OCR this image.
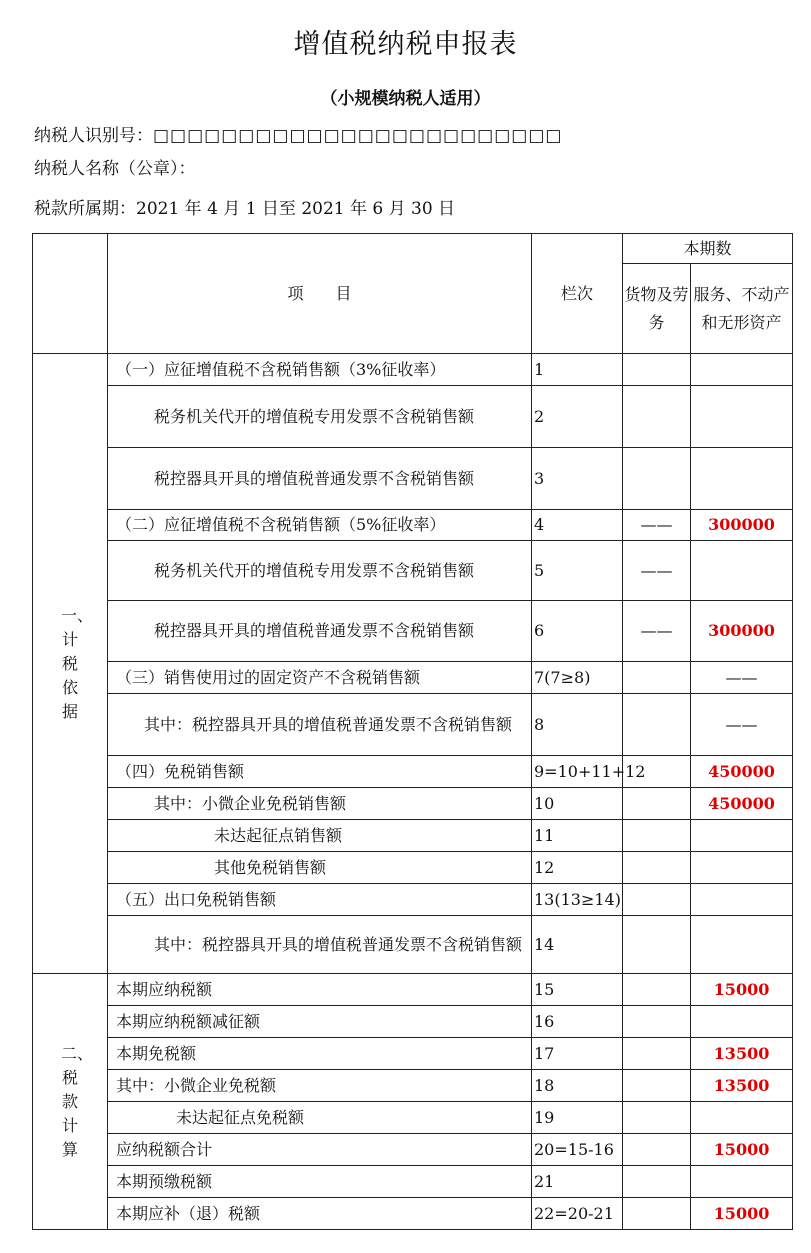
增值税纳税申报表
（小规模纳税人适用）
纳税人识别号：□□□□□□□□□□□□□□□□□□□□□□□□
纳税人名称（公章）：
税款所属期：2021 年 4 月 1 日至 2021 年 6 月 30 日
	项　　目	栏次	本期数	
			货物及劳务	服务、不动产和无形资产
一、计税依据	（一）应征增值税不含税销售额（3%征收率）	1		
	税务机关代开的增值税专用发票不含税销售额	2		
	税控器具开具的增值税普通发票不含税销售额	3		
	（二）应征增值税不含税销售额（5%征收率）	4	——	300000
	税务机关代开的增值税专用发票不含税销售额	5	——	
	税控器具开具的增值税普通发票不含税销售额	6	——	300000
	（三）销售使用过的固定资产不含税销售额	7(7≥8)		——
	其中：税控器具开具的增值税普通发票不含税销售额	8		——
	（四）免税销售额	9=10+11+12		450000
	其中：小微企业免税销售额	10		450000
	未达起征点销售额	11		
	其他免税销售额	12		
	（五）出口免税销售额	13(13≥14)		
	其中：税控器具开具的增值税普通发票不含税销售额	14		
二、税款计算	本期应纳税额	15		15000
	本期应纳税额减征额	16		
	本期免税额	17		13500
	其中：小微企业免税额	18		13500
	未达起征点免税额	19		
	应纳税额合计	20=15-16		15000
	本期预缴税额	21		
	本期应补（退）税额	22=20-21		15000
